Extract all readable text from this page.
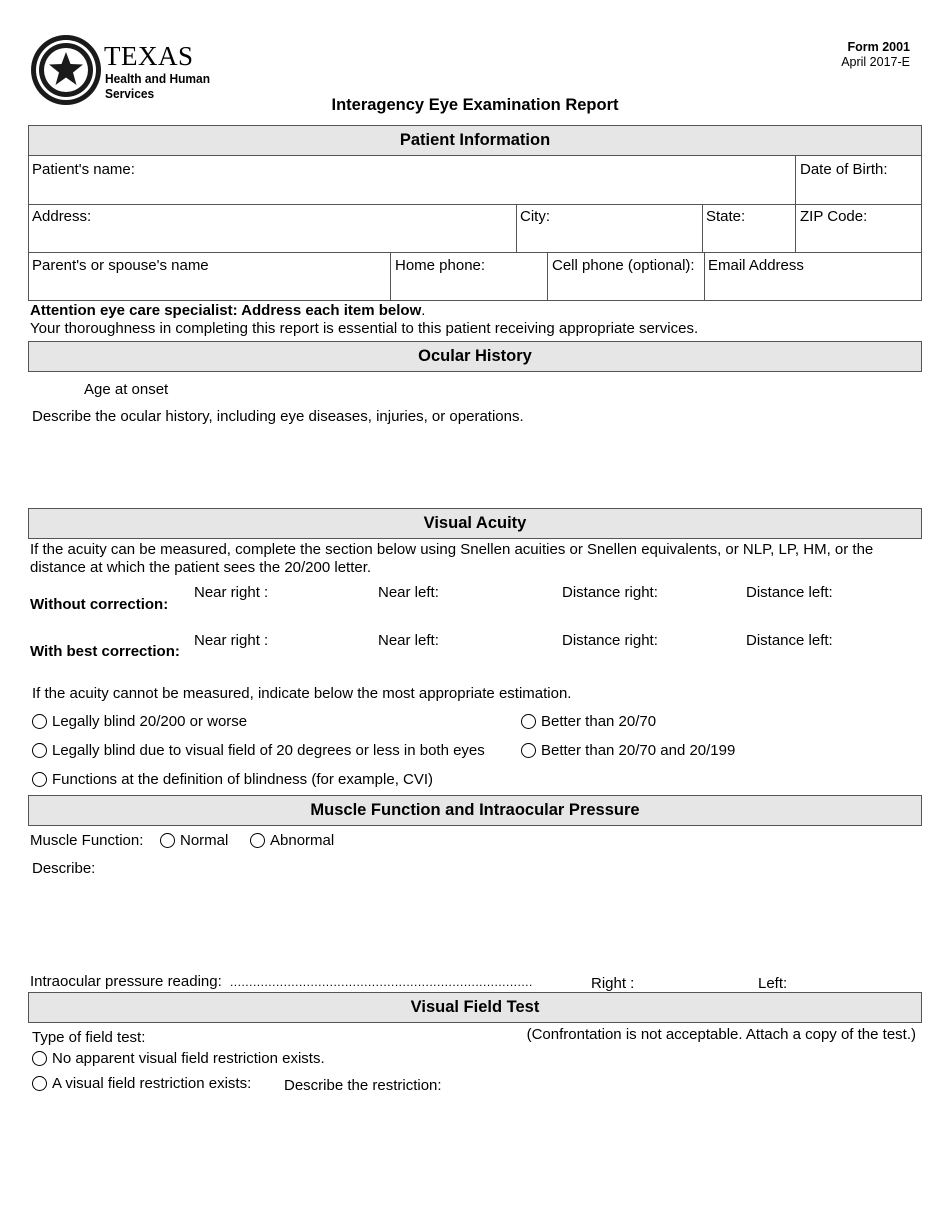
TEXAS
Health and Human
Services
Form 2001
April 2017-E
Interagency Eye Examination Report
Patient Information
Patient's name:	Date of Birth:
Address:	City:	State:	ZIP Code:
Parent's or spouse's name	Home phone:	Cell phone (optional): Email Address
Attention eye care specialist: Address each item below.
Your thoroughness in completing this report is essential to this patient receiving appropriate services.
Ocular History
Age at onset
Describe the ocular history, including eye diseases, injuries, or operations.
Visual Acuity
If the acuity can be measured, complete the section below using Snellen acuities or Snellen equivalents, or NLP, LP, HM, or the distance at which the patient sees the 20/200 letter.
Without correction:
Near right :	Near left:	Distance right:	Distance left:
With best correction:
Near right :	Near left:	Distance right:	Distance left:
If the acuity cannot be measured, indicate below the most appropriate estimation.
Legally blind 20/200 or worse	Better than 20/70
Legally blind due to visual field of 20 degrees or less in both eyes	Better than 20/70 and 20/199
Functions at the definition of blindness (for example, CVI)
Muscle Function and Intraocular Pressure
Muscle Function:	Normal	Abnormal
Describe:
Intraocular pressure reading: ...............................................................................	Right :	Left:
Visual Field Test
Type of field test:	(Confrontation is not acceptable. Attach a copy of the test.)
No apparent visual field restriction exists.
A visual field restriction exists: Describe the restriction:
